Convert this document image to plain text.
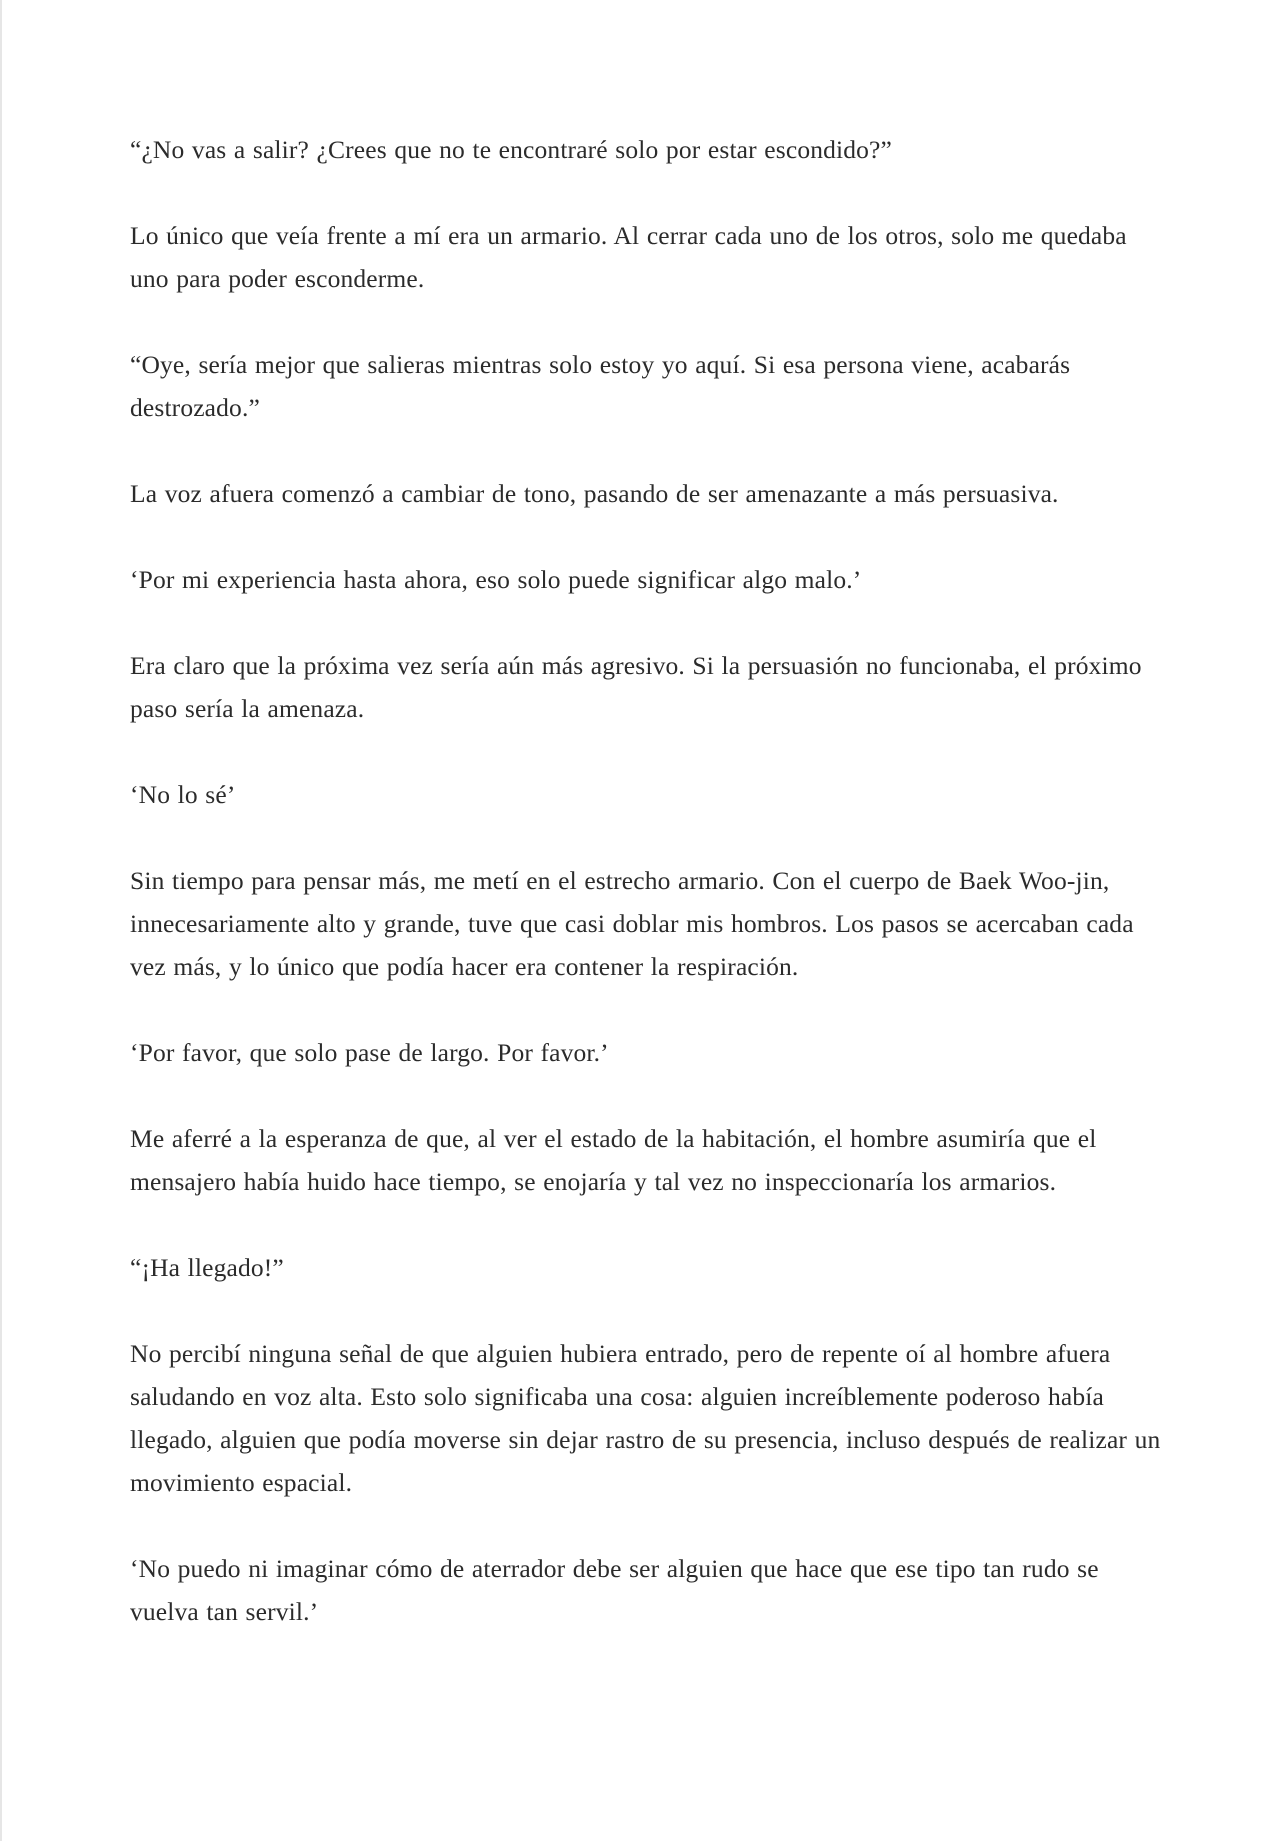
“¿No vas a salir? ¿Crees que no te encontraré solo por estar escondido?”

Lo único que veía frente a mí era un armario. Al cerrar cada uno de los otros, solo me quedaba uno para poder esconderme.

“Oye, sería mejor que salieras mientras solo estoy yo aquí. Si esa persona viene, acabarás destrozado.”

La voz afuera comenzó a cambiar de tono, pasando de ser amenazante a más persuasiva.

‘Por mi experiencia hasta ahora, eso solo puede significar algo malo.’

Era claro que la próxima vez sería aún más agresivo. Si la persuasión no funcionaba, el próximo paso sería la amenaza.

‘No lo sé’

Sin tiempo para pensar más, me metí en el estrecho armario. Con el cuerpo de Baek Woo-jin, innecesariamente alto y grande, tuve que casi doblar mis hombros. Los pasos se acercaban cada vez más, y lo único que podía hacer era contener la respiración.

‘Por favor, que solo pase de largo. Por favor.’

Me aferré a la esperanza de que, al ver el estado de la habitación, el hombre asumiría que el mensajero había huido hace tiempo, se enojaría y tal vez no inspeccionaría los armarios.

“¡Ha llegado!”

No percibí ninguna señal de que alguien hubiera entrado, pero de repente oí al hombre afuera saludando en voz alta. Esto solo significaba una cosa: alguien increíblemente poderoso había llegado, alguien que podía moverse sin dejar rastro de su presencia, incluso después de realizar un movimiento espacial.

‘No puedo ni imaginar cómo de aterrador debe ser alguien que hace que ese tipo tan rudo se vuelva tan servil.’
